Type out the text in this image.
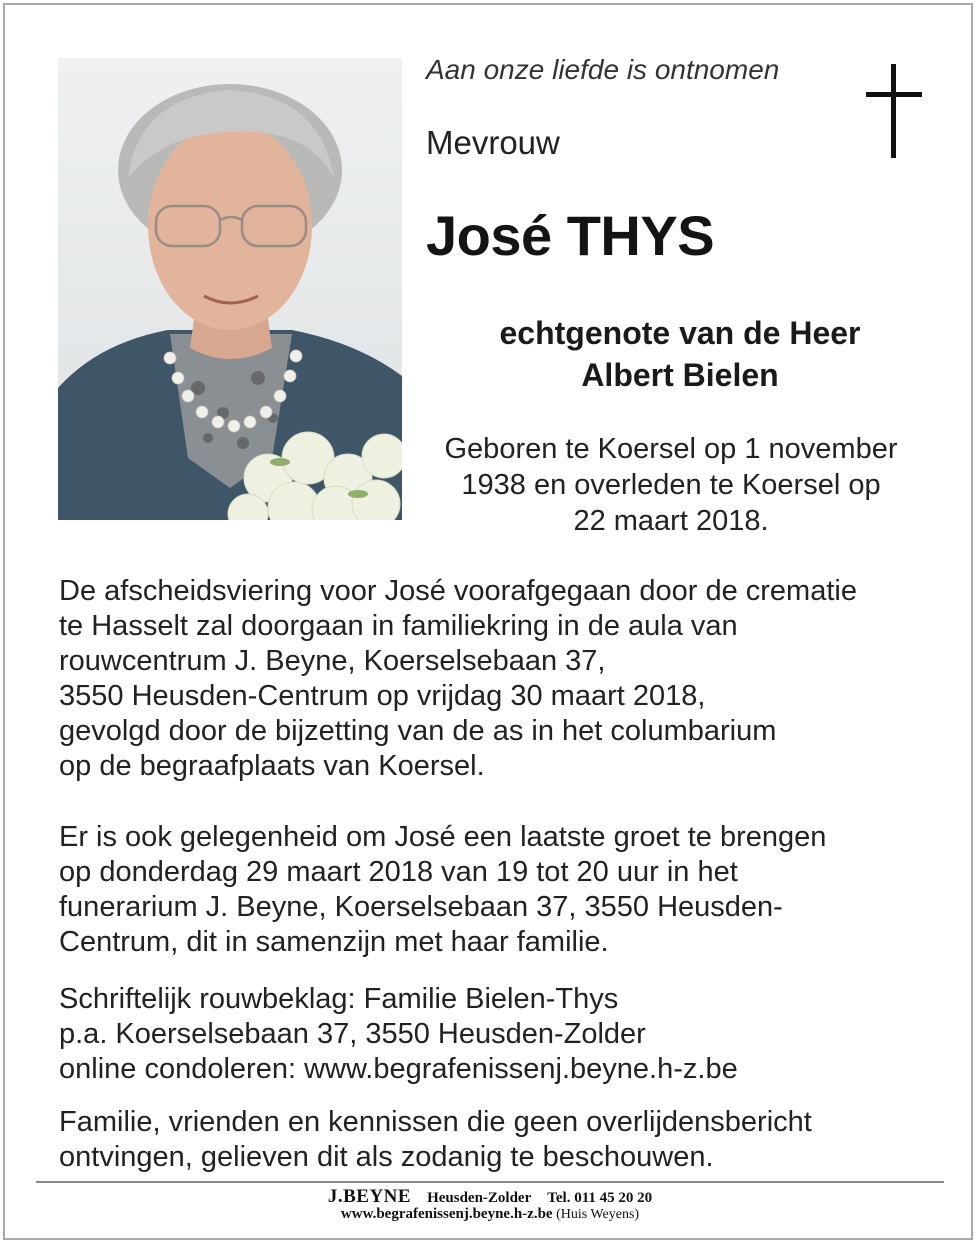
Aan onze liefde is ontnomen
Mevrouw
José THYS
echtgenote van de Heer
Albert Bielen
Geboren te Koersel op 1 november
1938 en overleden te Koersel op
22 maart 2018.
De afscheidsviering voor José voorafgegaan door de crematie
te Hasselt zal doorgaan in familiekring in de aula van
rouwcentrum J. Beyne, Koerselsebaan 37,
3550 Heusden-Centrum op vrijdag 30 maart 2018,
gevolgd door de bijzetting van de as in het columbarium
op de begraafplaats van Koersel.
Er is ook gelegenheid om José een laatste groet te brengen
op donderdag 29 maart 2018 van 19 tot 20 uur in het
funerarium J. Beyne, Koerselsebaan 37, 3550 Heusden-
Centrum, dit in samenzijn met haar familie.
Schriftelijk rouwbeklag: Familie Bielen-Thys
p.a. Koerselsebaan 37, 3550 Heusden-Zolder
online condoleren: www.begrafenissenj.beyne.h-z.be
Familie, vrienden en kennissen die geen overlijdensbericht
ontvingen, gelieven dit als zodanig te beschouwen.
J.BEYNE Heusden-Zolder Tel. 011 45 20 20
www.begrafenissenj.beyne.h-z.be (Huis Weyens)
